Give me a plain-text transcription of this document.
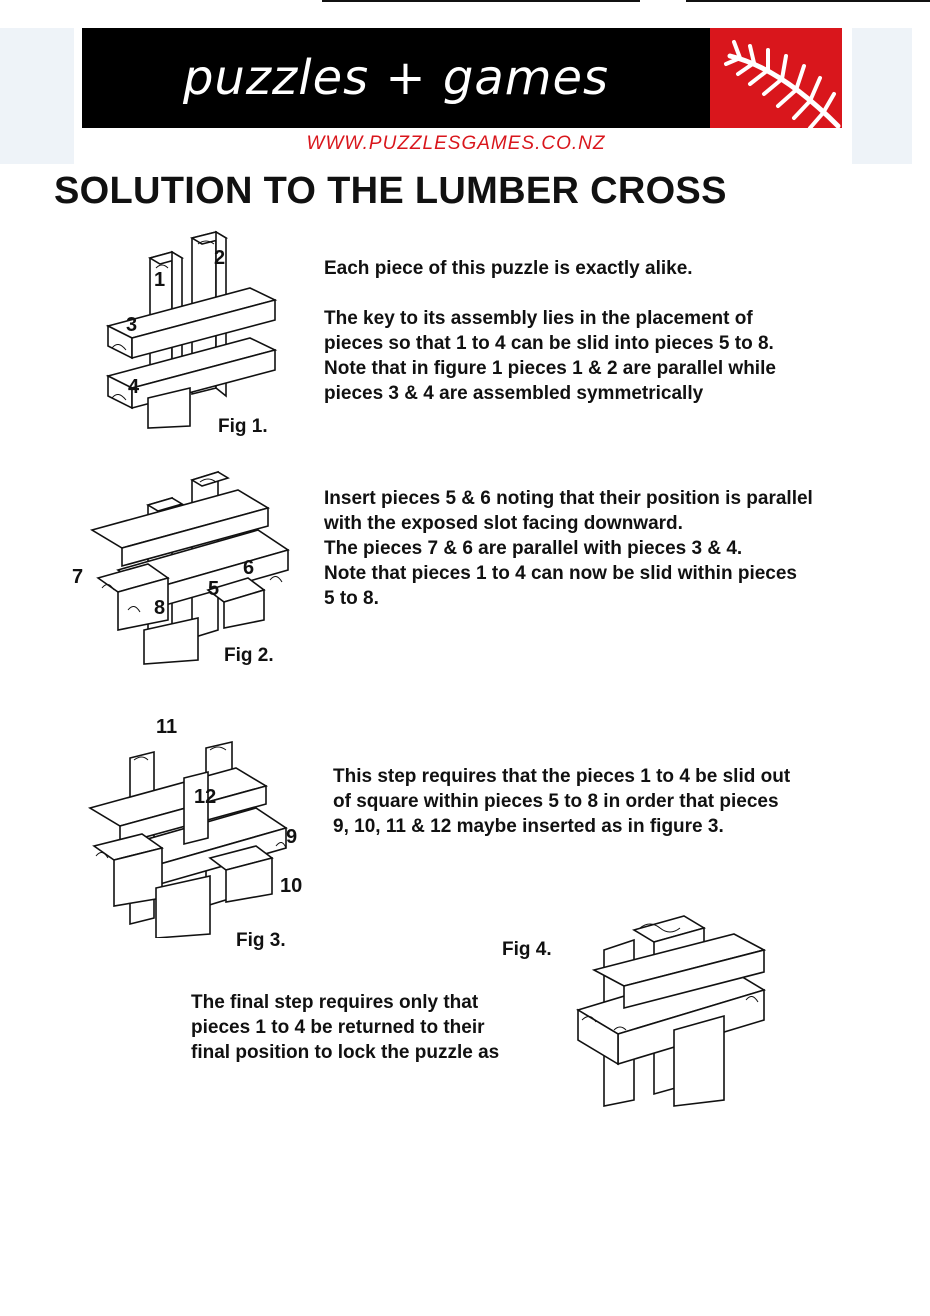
puzzles + games
WWW.PUZZLESGAMES.CO.NZ
SOLUTION TO THE LUMBER CROSS
1
2
3
4
Fig 1.

Each piece of this puzzle is exactly alike.

The key to its assembly lies in the placement of

pieces so that 1 to 4 can be slid into pieces 5 to 8.

Note that in figure 1 pieces 1 & 2 are parallel while

pieces 3 & 4 are assembled symmetrically

7	6
5
8
Fig 2.

Insert pieces 5 & 6 noting that their position is parallel

with the exposed slot facing downward.

The pieces 7 & 6 are parallel with pieces 3 & 4.

Note that pieces 1 to 4 can now be slid within pieces

5 to 8.

11
12
9
10
Fig 3.

This step requires that the pieces 1 to 4 be slid out

of square within pieces 5 to 8 in order that pieces

9, 10, 11 & 12 maybe inserted as in figure 3.

Fig 4.

The final step requires only that

pieces 1 to 4 be returned to their

final position to lock the puzzle as
